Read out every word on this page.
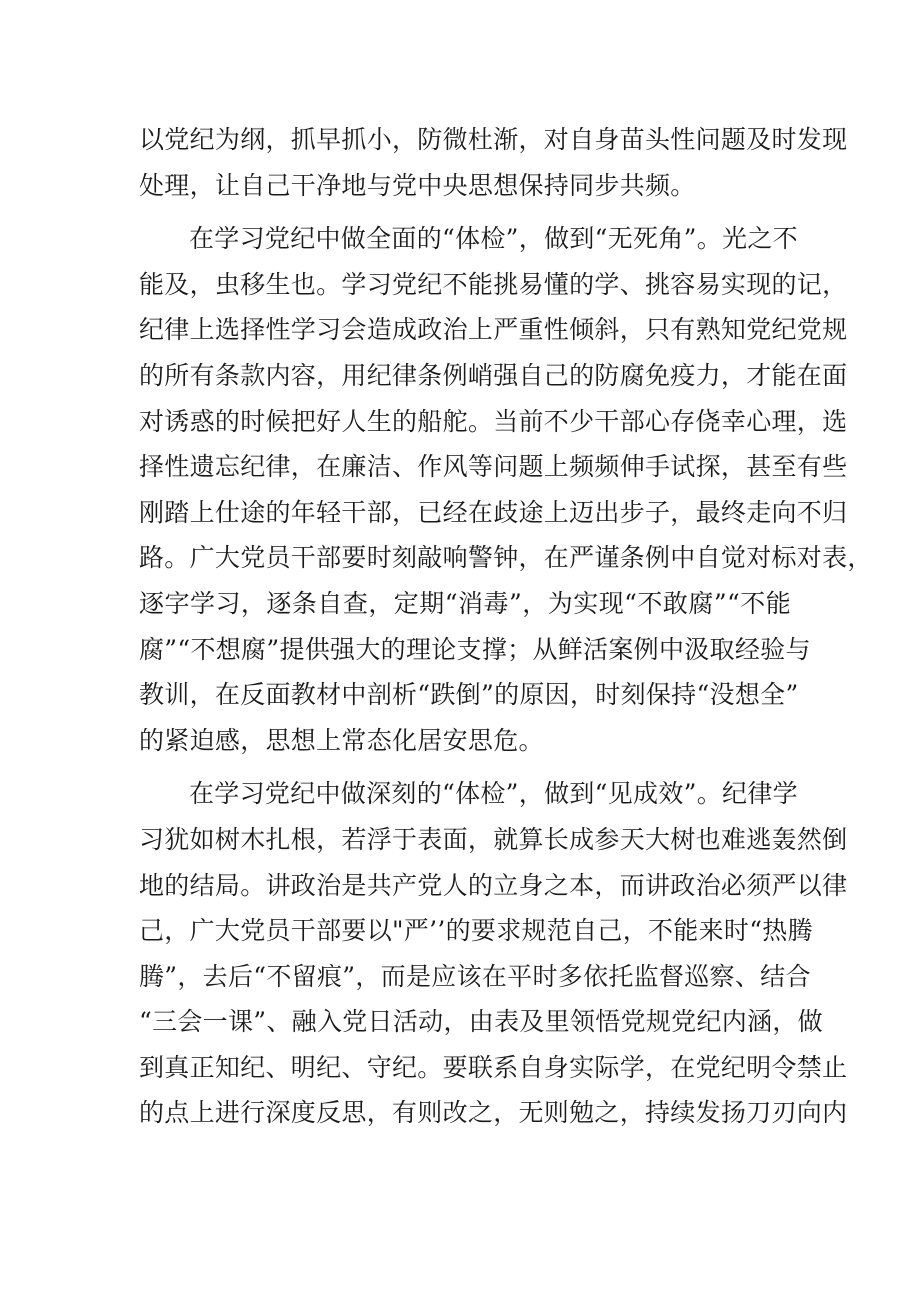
以党纪为纲，抓早抓小，防微杜渐，对自身苗头性问题及时发现
处理，让自己干净地与党中央思想保持同步共频。
在学习党纪中做全面的“体检”，做到“无死角”。光之不
能及，虫移生也。学习党纪不能挑易懂的学、挑容易实现的记，
纪律上选择性学习会造成政治上严重性倾斜，只有熟知党纪党规
的所有条款内容，用纪律条例峭强自己的防腐免疫力，才能在面
对诱惑的时候把好人生的船舵。当前不少干部心存侥幸心理，选
择性遗忘纪律，在廉洁、作风等问题上频频伸手试探，甚至有些
刚踏上仕途的年轻干部，已经在歧途上迈出步子，最终走向不归
路。广大党员干部要时刻敲响警钟，在严谨条例中自觉对标对表，
逐字学习，逐条自查，定期“消毒”，为实现“不敢腐”“不能
腐”“不想腐”提供强大的理论支撑；从鲜活案例中汲取经验与
教训，在反面教材中剖析“跌倒”的原因，时刻保持“没想全”
的紧迫感，思想上常态化居安思危。
在学习党纪中做深刻的“体检”，做到“见成效”。纪律学
习犹如树木扎根，若浮于表面，就算长成参天大树也难逃轰然倒
地的结局。讲政治是共产党人的立身之本，而讲政治必须严以律
己，广大党员干部要以"严’’的要求规范自己，不能来时“热腾
腾”，去后“不留痕”，而是应该在平时多依托监督巡察、结合
“三会一课”、融入党日活动，由表及里领悟党规党纪内涵，做
到真正知纪、明纪、守纪。要联系自身实际学，在党纪明令禁止
的点上进行深度反思，有则改之，无则勉之，持续发扬刀刃向内
